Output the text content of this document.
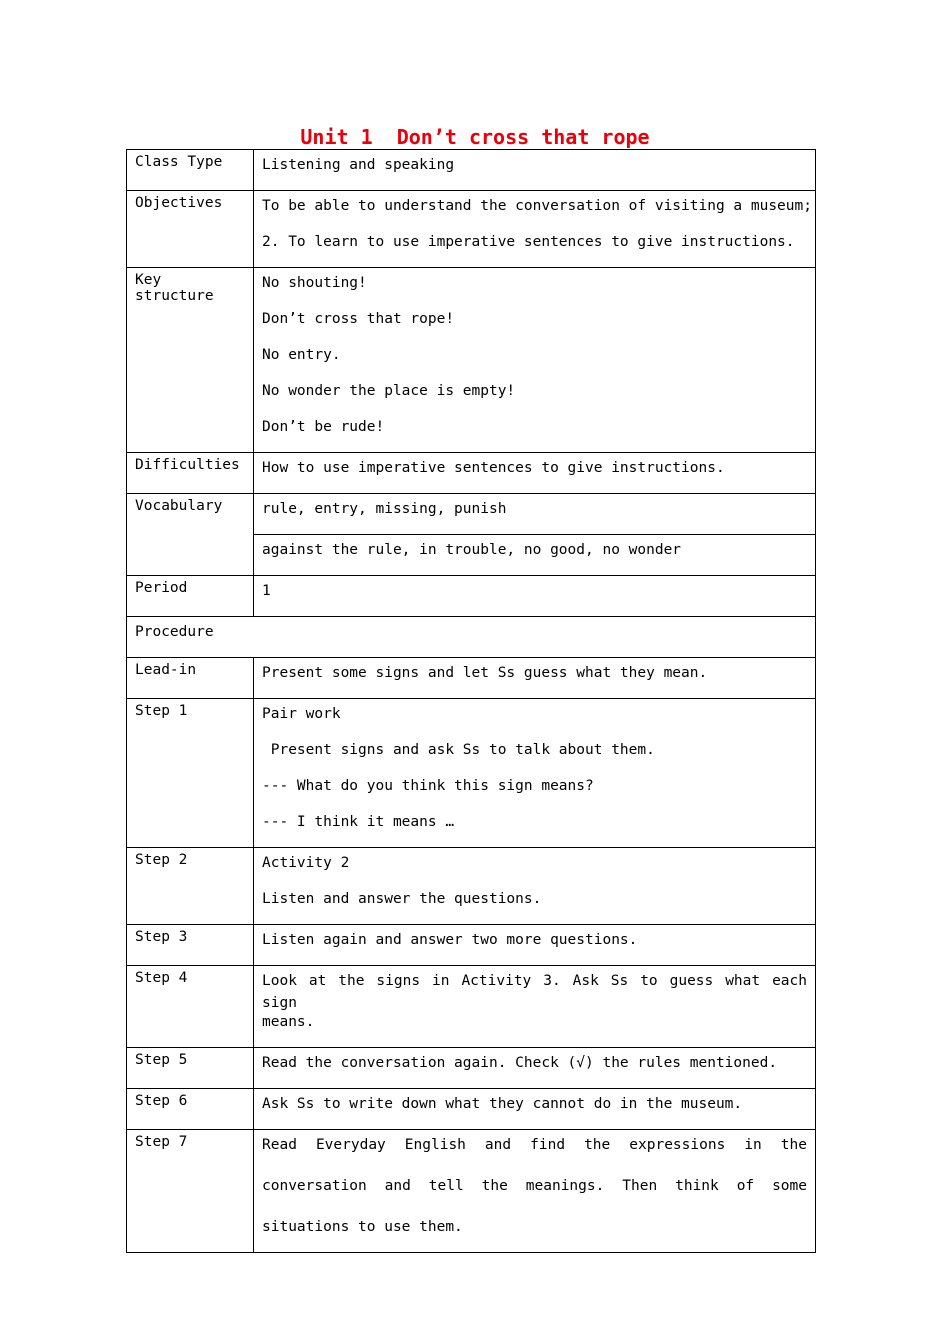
Unit 1  Don’t cross that rope
Class Type	Listening and speaking

Objectives	To be able to understand the conversation of visiting a museum;
2. To learn to use imperative sentences to give instructions.

Key structure	No shouting!
Don’t cross that rope!
No entry.
No wonder the place is empty!
Don’t be rude!

Difficulties	How to use imperative sentences to give instructions.

Vocabulary	rule, entry, missing, punish

	against the rule, in trouble, no good, no wonder

Period	1

Procedure	

Lead-in	Present some signs and let Ss guess what they mean.

Step 1	Pair work
Present signs and ask Ss to talk about them.
--- What do you think this sign means?
--- I think it means …

Step 2	Activity 2
Listen and answer the questions.

Step 3	Listen again and answer two more questions.

Step 4	Look at the signs in Activity 3. Ask Ss to guess what each sign
means.

Step 5	Read the conversation again. Check (√) the rules mentioned.

Step 6	Ask Ss to write down what they cannot do in the museum.

Step 7	Read Everyday English and find the expressions in the
conversation and tell the meanings. Then think of some
situations to use them.
